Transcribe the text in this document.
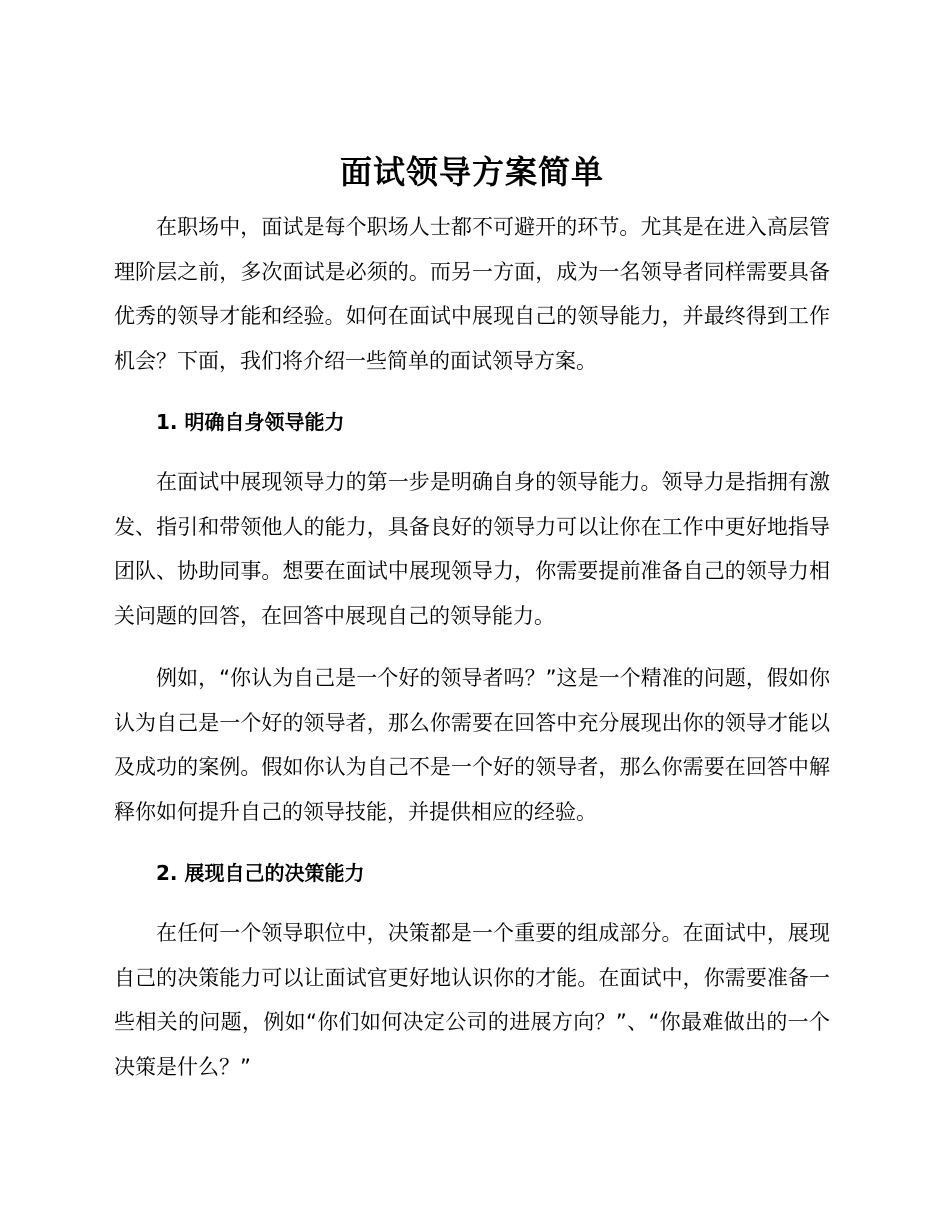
面试领导方案简单

在职场中，面试是每个职场人士都不可避开的环节。尤其是在进入高层管理阶层之前，多次面试是必须的。而另一方面，成为一名领导者同样需要具备优秀的领导才能和经验。如何在面试中展现自己的领导能力，并最终得到工作机会？下面，我们将介绍一些简单的面试领导方案。

1. 明确自身领导能力

在面试中展现领导力的第一步是明确自身的领导能力。领导力是指拥有激发、指引和带领他人的能力，具备良好的领导力可以让你在工作中更好地指导团队、协助同事。想要在面试中展现领导力，你需要提前准备自己的领导力相关问题的回答，在回答中展现自己的领导能力。

例如，“你认为自己是一个好的领导者吗？”这是一个精准的问题，假如你认为自己是一个好的领导者，那么你需要在回答中充分展现出你的领导才能以及成功的案例。假如你认为自己不是一个好的领导者，那么你需要在回答中解释你如何提升自己的领导技能，并提供相应的经验。

2. 展现自己的决策能力

在任何一个领导职位中，决策都是一个重要的组成部分。在面试中，展现自己的决策能力可以让面试官更好地认识你的才能。在面试中，你需要准备一些相关的问题，例如“你们如何决定公司的进展方向？”、“你最难做出的一个决策是什么？”
